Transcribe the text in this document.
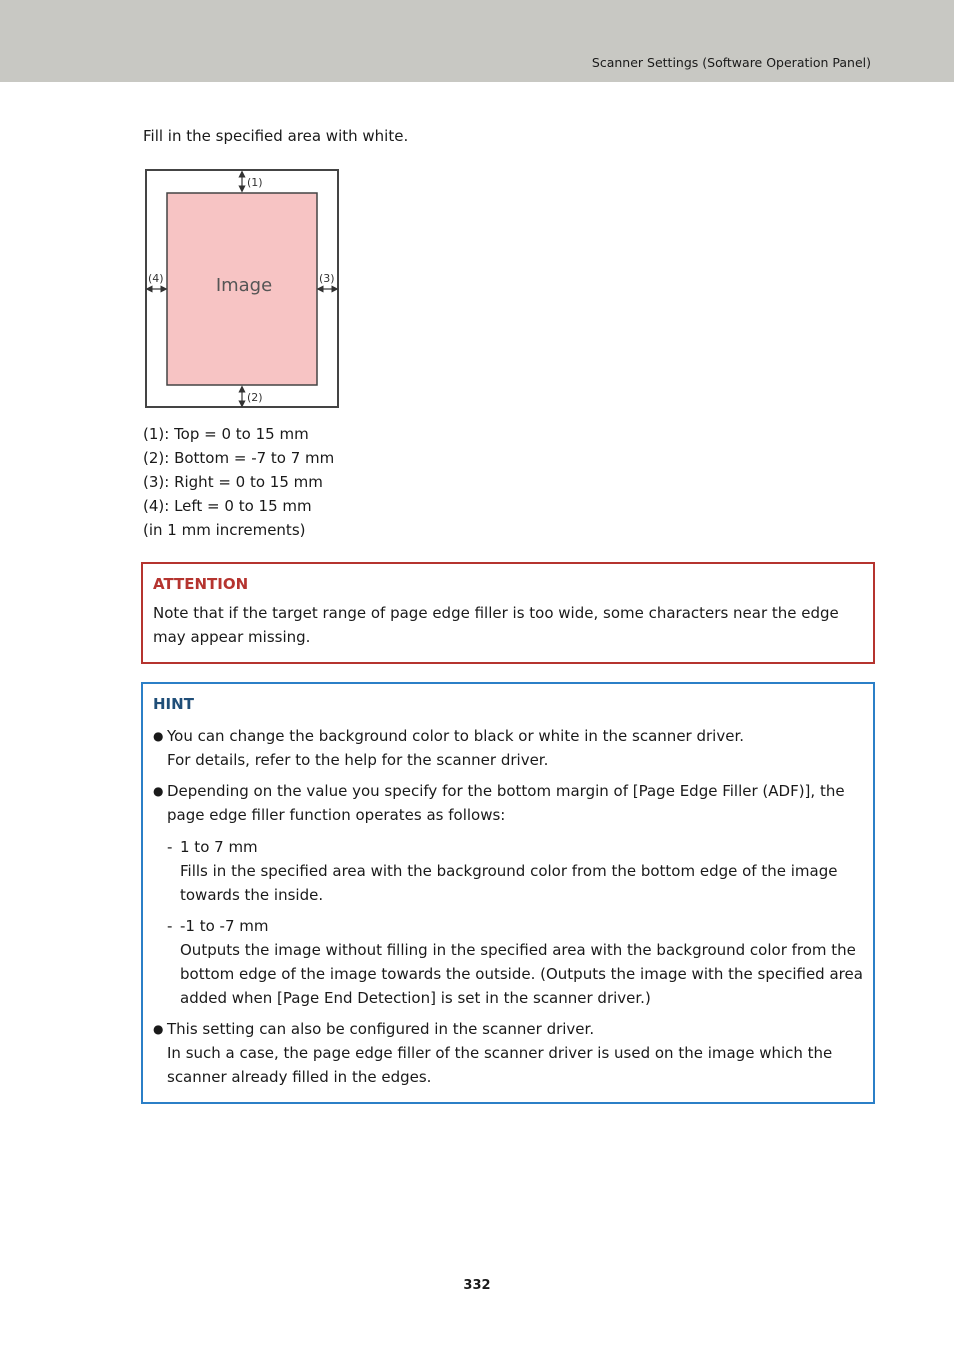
Scanner Settings (Software Operation Panel)
Fill in the specified area with white.
Image
(1)
(2)
(4)	(3)
(1): Top = 0 to 15 mm
(2): Bottom = -7 to 7 mm
(3): Right = 0 to 15 mm
(4): Left = 0 to 15 mm
(in 1 mm increments)
ATTENTION
Note that if the target range of page edge filler is too wide, some characters near the edge
may appear missing.
HINT
● You can change the background color to black or white in the scanner driver.
For details, refer to the help for the scanner driver.
● Depending on the value you specify for the bottom margin of [Page Edge Filler (ADF)], the
page edge filler function operates as follows:
- 1 to 7 mm
Fills in the specified area with the background color from the bottom edge of the image
towards the inside.
- -1 to -7 mm
Outputs the image without filling in the specified area with the background color from the
bottom edge of the image towards the outside. (Outputs the image with the specified area
added when [Page End Detection] is set in the scanner driver.)
● This setting can also be configured in the scanner driver.
In such a case, the page edge filler of the scanner driver is used on the image which the
scanner already filled in the edges.
332
